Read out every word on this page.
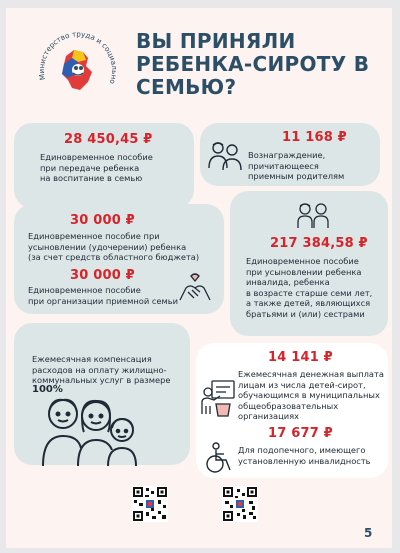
Министерство труда и социально
ВЫ ПРИНЯЛИ
РЕБЕНКА-СИРОТУ В
СЕМЬЮ?
28 450,45 ₽
Единовременное пособие
при передаче ребенка
на воспитание в семью
11 168 ₽
Вознаграждение, причитающееся
приемным родителям
30 000 ₽
Единовременное пособие при
усыновлении (удочерении) ребенка
(за счет средств областного бюджета)
30 000 ₽
Единовременное пособие
при организации приемной семьи
217 384,58 ₽
Единовременное пособие
при усыновлении ребенка
инвалида, ребенка
в возрасте старше семи лет,
а также детей, являющихся
братьями и (или) сестрами
Ежемесячная компенсация
расходов на оплату жилищно-
коммунальных услуг в размере
100%
14 141 ₽
Ежемесячная денежная выплата
лицам из числа детей-сирот,
обучающимся в муниципальных
общеобразовательных
организациях
17 677 ₽
Для подопечного, имеющего
установленную инвалидность
5
